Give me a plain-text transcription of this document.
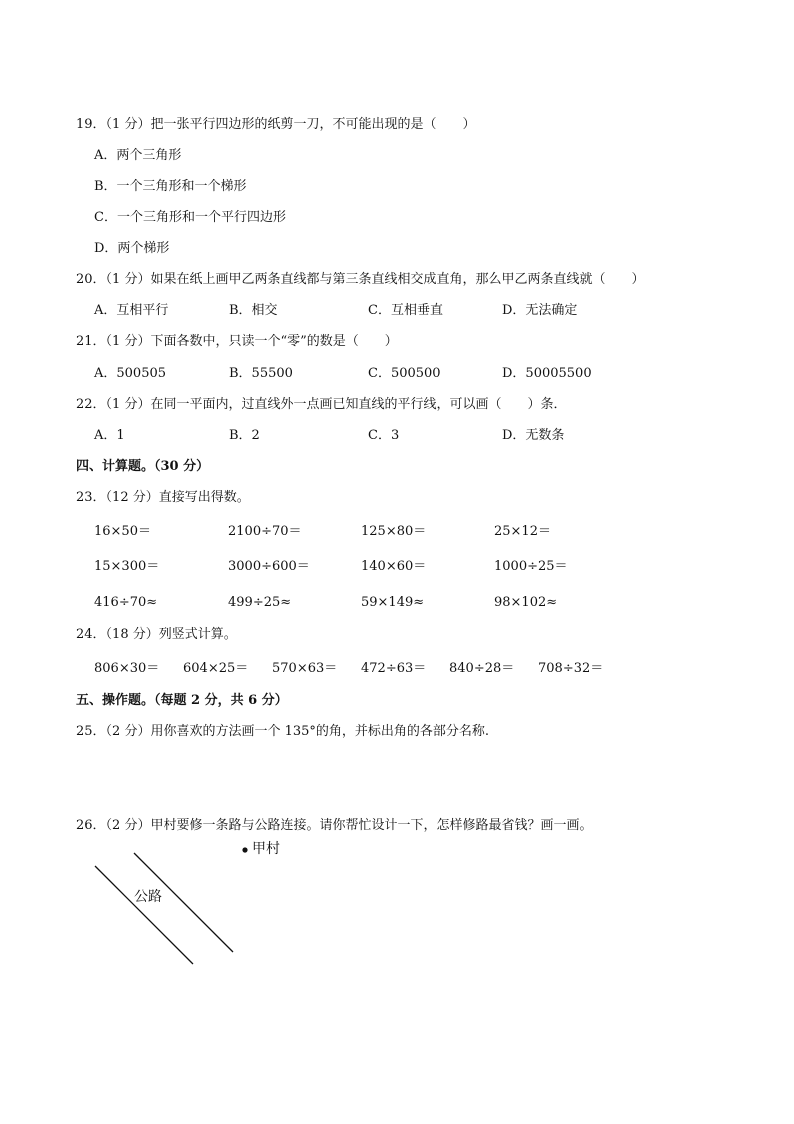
19．（1 分）把一张平行四边形的纸剪一刀，不可能出现的是（　　）
A．两个三角形
B．一个三角形和一个梯形
C．一个三角形和一个平行四边形
D．两个梯形
20．（1 分）如果在纸上画甲乙两条直线都与第三条直线相交成直角，那么甲乙两条直线就（　　）
A．互相平行	B．相交	C．互相垂直	D．无法确定
21．（1 分）下面各数中，只读一个“零”的数是（　　）
A．500505	B．55500	C．500500	D．50005500
22．（1 分）在同一平面内，过直线外一点画已知直线的平行线，可以画（　　）条．
A．1	B．2	C．3	D．无数条
四、计算题。（30 分）
23．（12 分）直接写出得数。
16×50＝	2100÷70＝	125×80＝	25×12＝
15×300＝	3000÷600＝	140×60＝	1000÷25＝
416÷70≈	499÷25≈	59×149≈	98×102≈
24．（18 分）列竖式计算。
806×30＝ 604×25＝ 570×63＝ 472÷63＝ 840÷28＝ 708÷32＝
五、操作题。（每题 2 分，共 6 分）
25．（2 分）用你喜欢的方法画一个 135°的角，并标出角的各部分名称.
26．（2 分）甲村要修一条路与公路连接。请你帮忙设计一下，怎样修路最省钱？画一画。
甲村
公路
